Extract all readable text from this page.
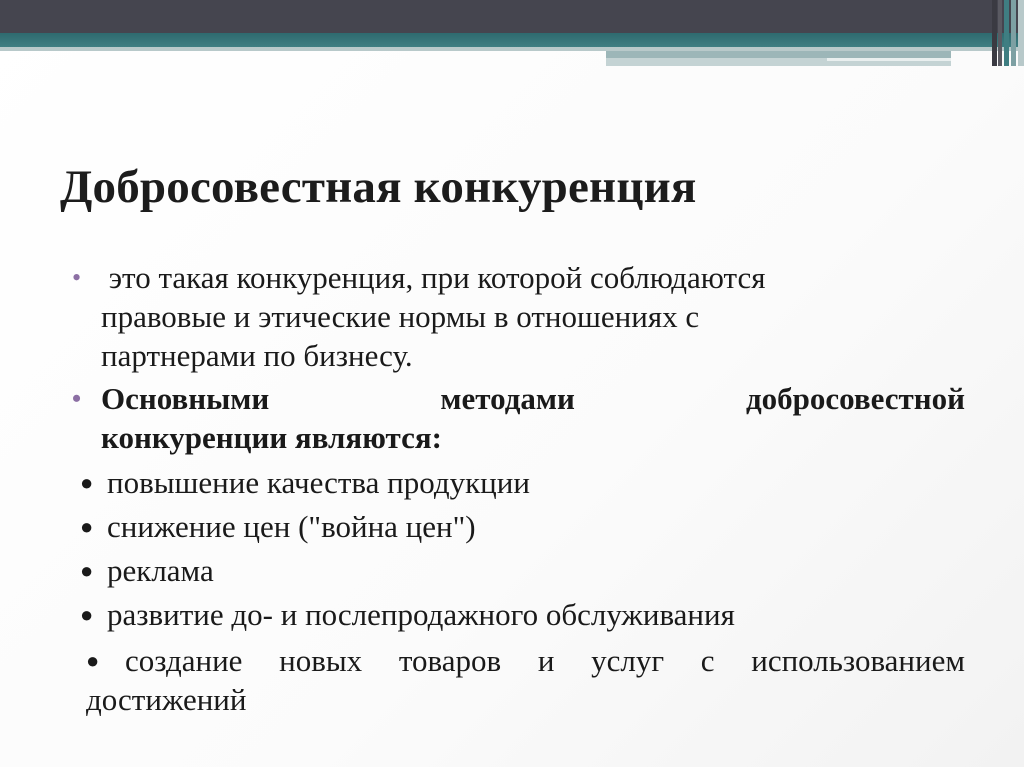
Добросовестная конкуренция

• это такая конкуренция, при которой соблюдаются
правовые и этические нормы в отношениях с
партнерами по бизнесу.

• Основными методами добросовестной
конкуренции являются:

● повышение качества продукции

● снижение цен ("война цен")

● реклама

● развитие до- и послепродажного обслуживания

● создание новых товаров и услуг с использованием
достижений
